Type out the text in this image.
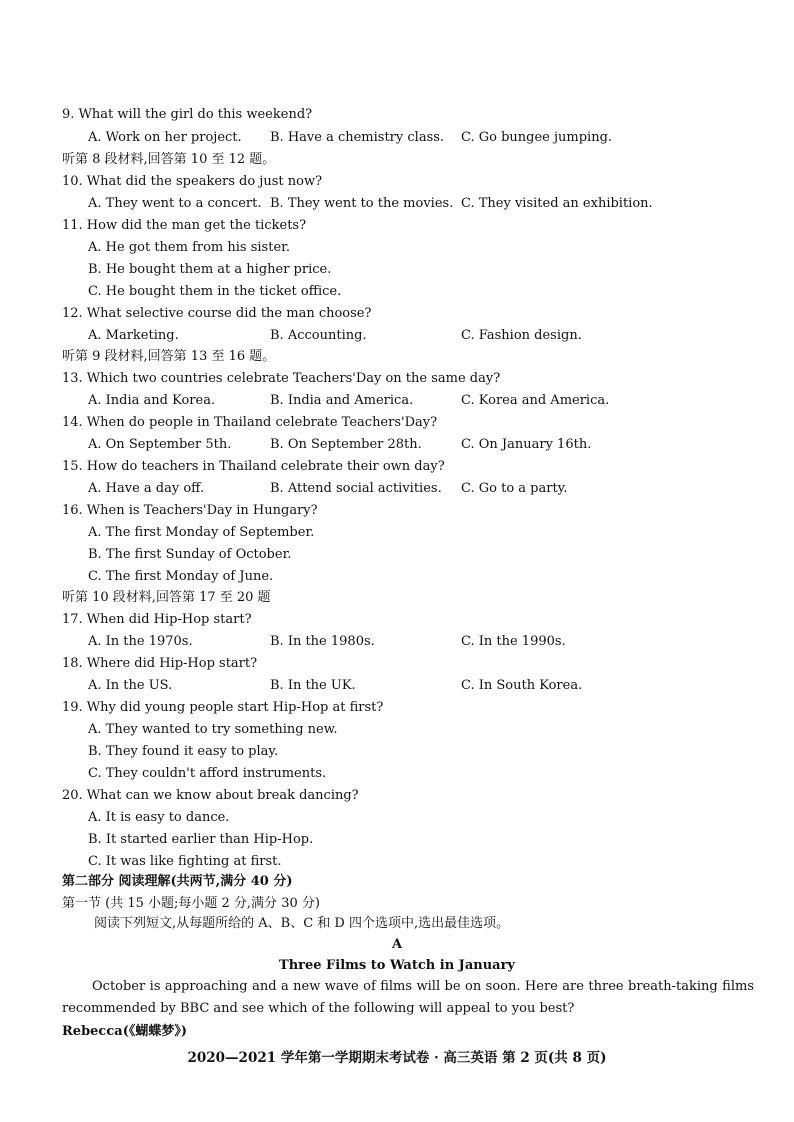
9. What will the girl do this weekend?
A. Work on her project. B. Have a chemistry class. C. Go bungee jumping.
听第 8 段材料,回答第 10 至 12 题。
10. What did the speakers do just now?
A. They went to a concert. B. They went to the movies. C. They visited an exhibition.
11. How did the man get the tickets?
A. He got them from his sister.
B. He bought them at a higher price.
C. He bought them in the ticket office.
12. What selective course did the man choose?
A. Marketing.	B. Accounting.	C. Fashion design.
听第 9 段材料,回答第 13 至 16 题。
13. Which two countries celebrate Teachers'Day on the same day?
A. India and Korea.	B. India and America.	C. Korea and America.
14. When do people in Thailand celebrate Teachers'Day?
A. On September 5th.	B. On September 28th.	C. On January 16th.
15. How do teachers in Thailand celebrate their own day?
A. Have a day off.	B. Attend social activities. C. Go to a party.
16. When is Teachers'Day in Hungary?
A. The first Monday of September.
B. The first Sunday of October.
C. The first Monday of June.
听第 10 段材料,回答第 17 至 20 题
17. When did Hip-Hop start?
A. In the 1970s.	B. In the 1980s.	C. In the 1990s.
18. Where did Hip-Hop start?
A. In the US.	B. In the UK.	C. In South Korea.
19. Why did young people start Hip-Hop at first?
A. They wanted to try something new.
B. They found it easy to play.
C. They couldn't afford instruments.
20. What can we know about break dancing?
A. It is easy to dance.
B. It started earlier than Hip-Hop.
C. It was like fighting at first.
第二部分 阅读理解(共两节,满分 40 分)
第一节 (共 15 小题;每小题 2 分,满分 30 分)
阅读下列短文,从每题所给的 A、B、C 和 D 四个选项中,选出最佳选项。
A
Three Films to Watch in January
October is approaching and a new wave of films will be on soon. Here are three breath-taking films recommended by BBC and see which of the following will appeal to you best?
Rebecca(《蝴蝶梦》)
2020—2021 学年第一学期期末考试卷 · 高三英语 第 2 页(共 8 页)
